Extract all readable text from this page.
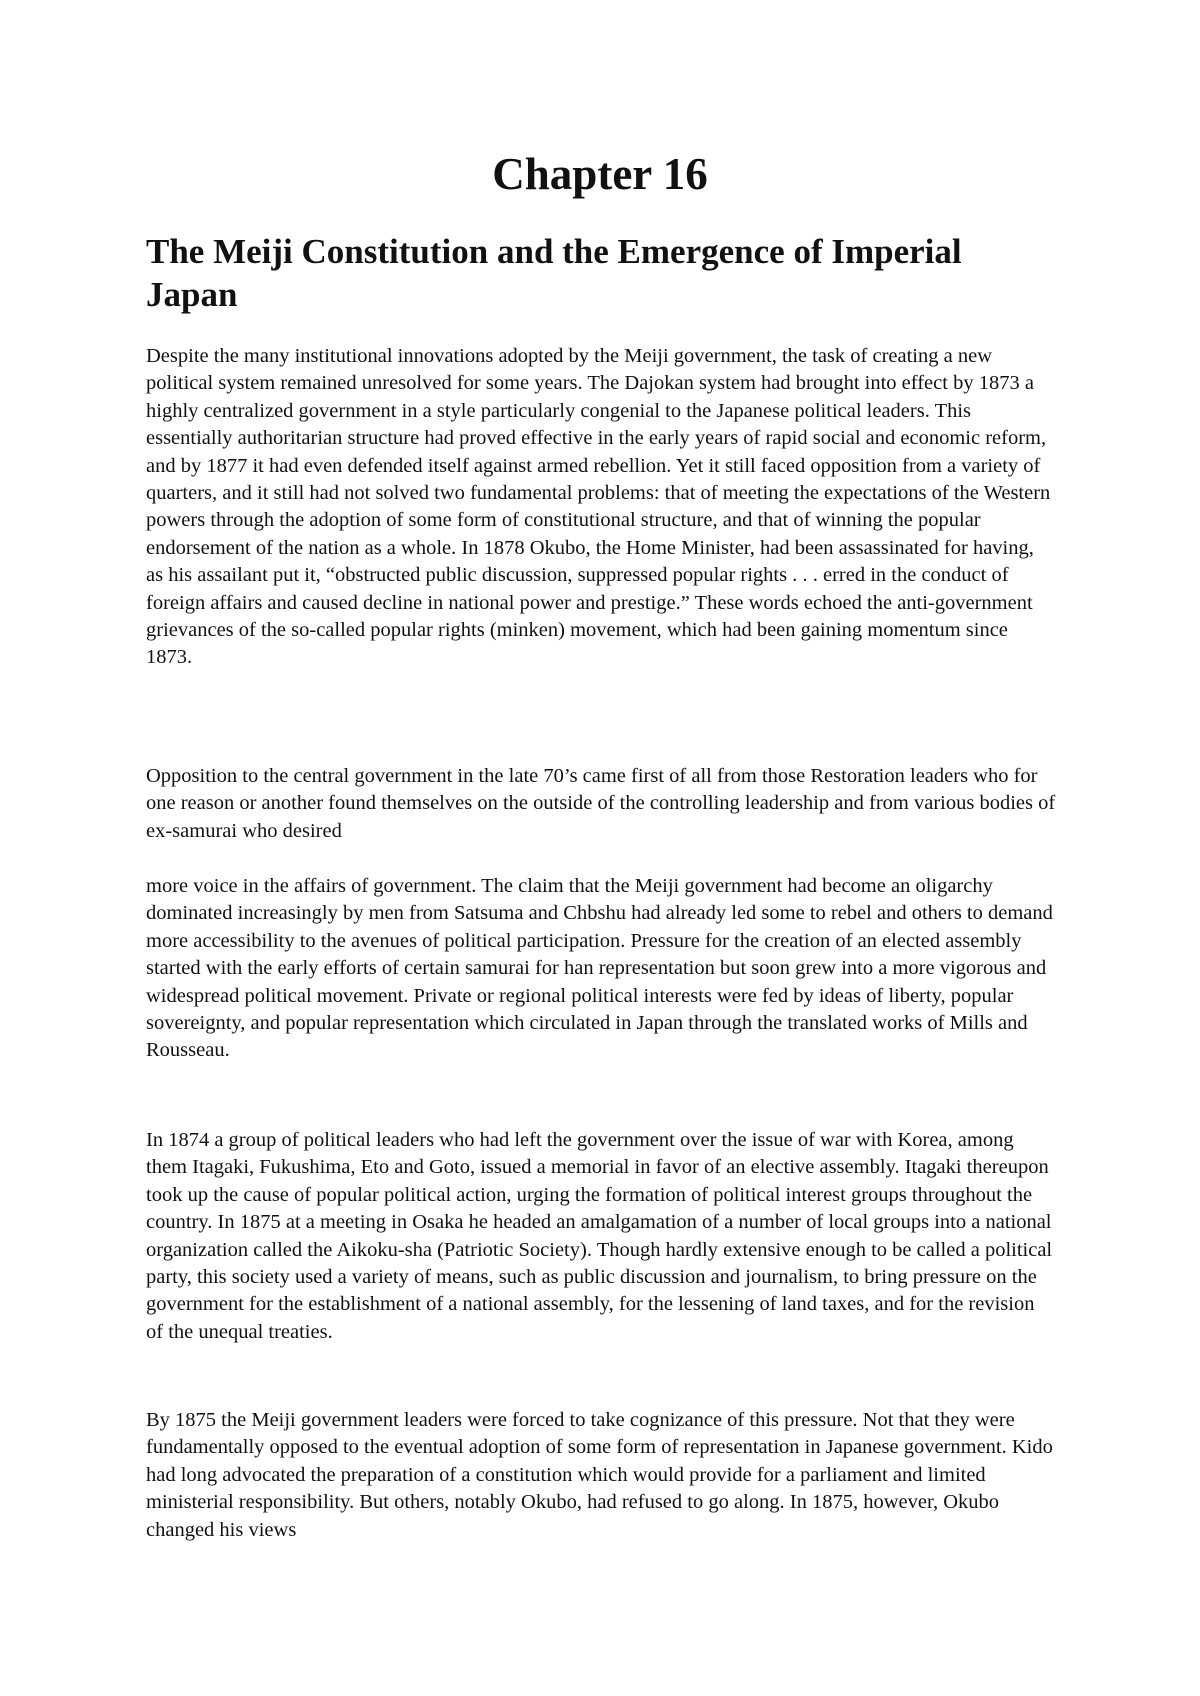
Chapter 16
The Meiji Constitution and the Emergence of Imperial Japan

Despite the many institutional innovations adopted by the Meiji government, the task of creating a new political system remained unresolved for some years. The Dajokan system had brought into effect by 1873 a highly centralized government in a style particularly congenial to the Japanese political leaders. This essentially authoritarian structure had proved effective in the early years of rapid social and economic reform, and by 1877 it had even defended itself against armed rebellion. Yet it still faced opposition from a variety of quarters, and it still had not solved two fundamental problems: that of meeting the expectations of the Western powers through the adoption of some form of constitutional structure, and that of winning the popular endorsement of the nation as a whole. In 1878 Okubo, the Home Minister, had been assassinated for having, as his assailant put it, “obstructed public discussion, suppressed popular rights . . . erred in the conduct of foreign affairs and caused decline in national power and prestige.” These words echoed the anti-government grievances of the so-called popular rights (minken) movement, which had been gaining momentum since 1873.

Opposition to the central government in the late 70’s came first of all from those Restoration leaders who for one reason or another found themselves on the outside of the controlling leadership and from various bodies of ex-samurai who desired

more voice in the affairs of government. The claim that the Meiji government had become an oligarchy dominated increasingly by men from Satsuma and Chbshu had already led some to rebel and others to demand more accessibility to the avenues of political participation. Pressure for the creation of an elected assembly started with the early efforts of certain samurai for han representation but soon grew into a more vigorous and widespread political movement. Private or regional political interests were fed by ideas of liberty, popular sovereignty, and popular representation which circulated in Japan through the translated works of Mills and Rousseau.

In 1874 a group of political leaders who had left the government over the issue of war with Korea, among them Itagaki, Fukushima, Eto and Goto, issued a memorial in favor of an elective assembly. Itagaki thereupon took up the cause of popular political action, urging the formation of political interest groups throughout the country. In 1875 at a meeting in Osaka he headed an amalgamation of a number of local groups into a national organization called the Aikoku-sha (Patriotic Society). Though hardly extensive enough to be called a political party, this society used a variety of means, such as public discussion and journalism, to bring pressure on the government for the establishment of a national assembly, for the lessening of land taxes, and for the revision of the unequal treaties.

By 1875 the Meiji government leaders were forced to take cognizance of this pressure. Not that they were fundamentally opposed to the eventual adoption of some form of representation in Japanese government. Kido had long advocated the preparation of a constitution which would provide for a parliament and limited ministerial responsibility. But others, notably Okubo, had refused to go along. In 1875, however, Okubo changed his views
